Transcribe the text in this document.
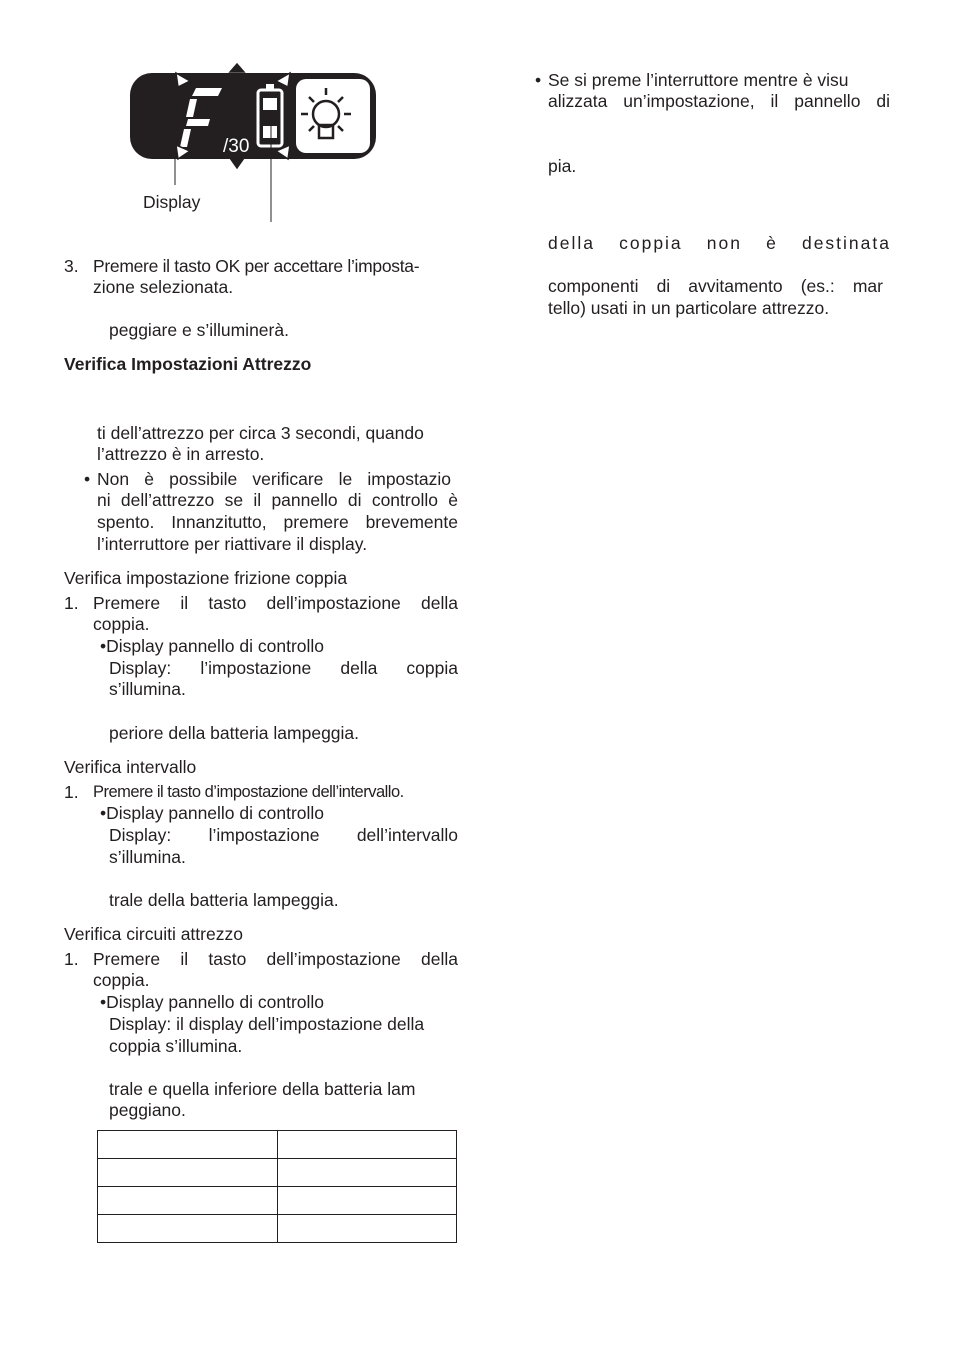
/30
Display
3. Premere il tasto OK per accettare l’imposta-
zione selezionata.
peggiare e s’illuminerà.
Verifica Impostazioni Attrezzo
ti dell’attrezzo per circa 3 secondi, quando
l’attrezzo è in arresto.
• Non è possibile verificare le impostazio
ni dell’attrezzo se il pannello di controllo è
spento. Innanzitutto, premere brevemente
l’interruttore per riattivare il display.
Verifica impostazione frizione coppia
1. Premere il tasto dell’impostazione della
coppia.
•Display pannello di controllo
Display: l’impostazione della coppia
s’illumina.
periore della batteria lampeggia.
Verifica intervallo
1. Premere il tasto d’impostazione dell’intervallo.
•Display pannello di controllo
Display: l’impostazione dell’intervallo
s’illumina.
trale della batteria lampeggia.
Verifica circuiti attrezzo
1. Premere il tasto dell’impostazione della
coppia.
•Display pannello di controllo
Display: il display dell’impostazione della
coppia s’illumina.
trale e quella inferiore della batteria lam
peggiano.

• Se si preme l’interruttore mentre è visu
alizzata un’impostazione, il pannello di
pia.
della coppia non è destinata
componenti di avvitamento (es.: mar
tello) usati in un particolare attrezzo.
